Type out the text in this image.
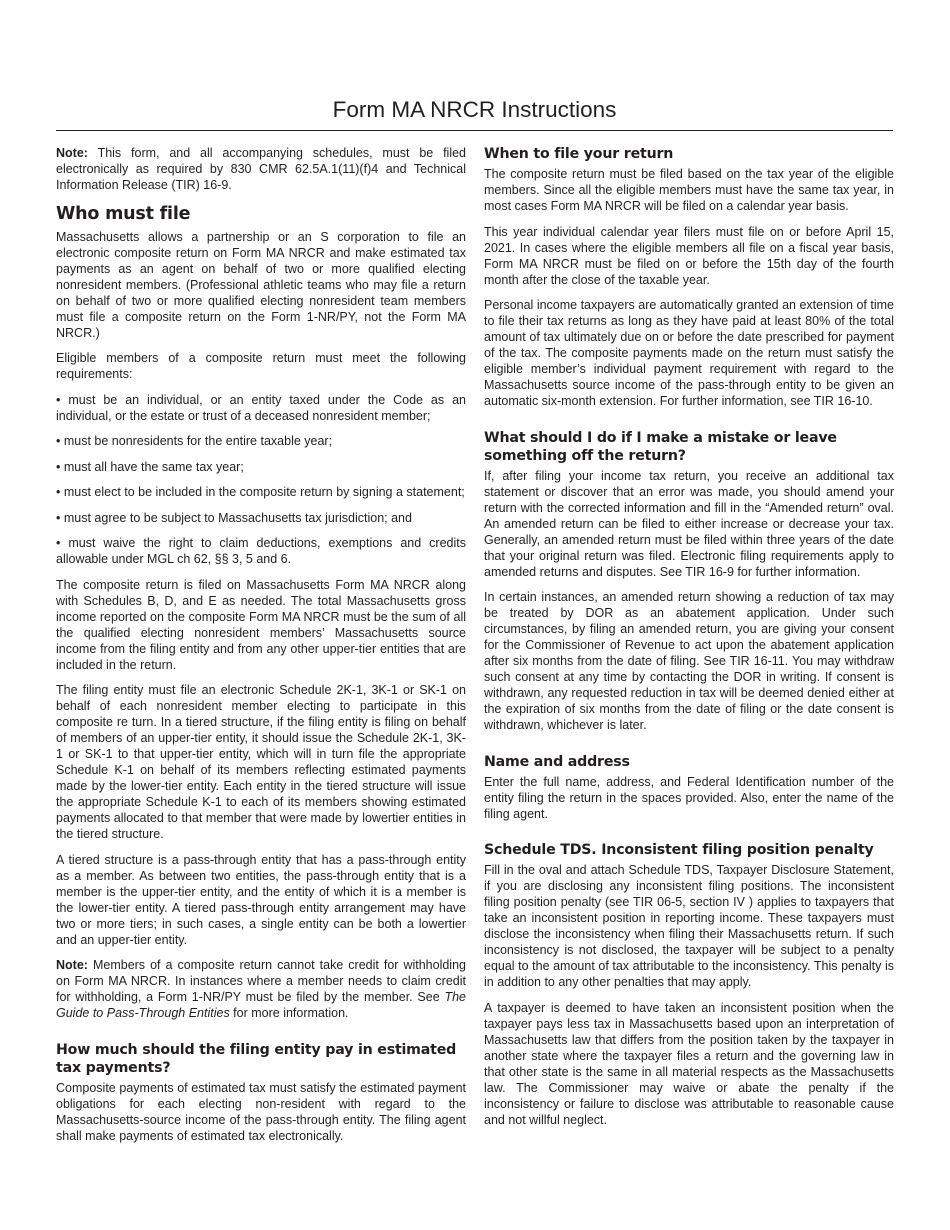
Form MA NRCR Instructions

Note: This form, and all accompanying schedules, must be filed electronically as required by 830 CMR 62.5A.1(11)(f)4 and Technical Information Release (TIR) 16-9.

Who must file

Massachusetts allows a partnership or an S corporation to file an electronic composite return on Form MA NRCR and make estimated tax payments as an agent on behalf of two or more qualified electing nonresident members. (Professional athletic teams who may file a return on behalf of two or more qualified electing nonresident team members must file a composite return on the Form 1-NR/PY, not the Form MA NRCR.)

Eligible members of a composite return must meet the following requirements:

• must be an individual, or an entity taxed under the Code as an individual, or the estate or trust of a deceased nonresident member;

• must be nonresidents for the entire taxable year;

• must all have the same tax year;

• must elect to be included in the composite return by signing a statement;

• must agree to be subject to Massachusetts tax jurisdiction; and

• must waive the right to claim deductions, exemptions and credits allowable under MGL ch 62, §§ 3, 5 and 6.

The composite return is filed on Massachusetts Form MA NRCR along with Schedules B, D, and E as needed. The total Massachusetts gross income reported on the composite Form MA NRCR must be the sum of all the qualified electing nonresident members’ Massachusetts source income from the filing entity and from any other upper-tier entities that are included in the return.

The filing entity must file an electronic Schedule 2K-1, 3K-1 or SK-1 on behalf of each nonresident member electing to participate in this composite re turn. In a tiered structure, if the filing entity is filing on behalf of members of an upper-tier entity, it should issue the Schedule 2K-1, 3K-1 or SK-1 to that upper-tier entity, which will in turn file the appropriate Schedule K-1 on behalf of its members reflecting estimated payments made by the lower-tier entity. Each entity in the tiered structure will issue the appropriate Schedule K-1 to each of its members showing estimated payments allocated to that member that were made by lowertier entities in the tiered structure.

A tiered structure is a pass-through entity that has a pass-through entity as a member. As between two entities, the pass-through entity that is a member is the upper-tier entity, and the entity of which it is a member is the lower-tier entity. A tiered pass-through entity arrangement may have two or more tiers; in such cases, a single entity can be both a lowertier and an upper-tier entity.

Note: Members of a composite return cannot take credit for withholding on Form MA NRCR. In instances where a member needs to claim credit for withholding, a Form 1-NR/PY must be filed by the member. See The Guide to Pass-Through Entities for more information.

How much should the filing entity pay in estimated tax payments?

Composite payments of estimated tax must satisfy the estimated payment obligations for each electing non-resident with regard to the Massachusetts-source income of the pass-through entity. The filing agent shall make payments of estimated tax electronically.

When to file your return

The composite return must be filed based on the tax year of the eligible members. Since all the eligible members must have the same tax year, in most cases Form MA NRCR will be filed on a calendar year basis.

This year individual calendar year filers must file on or before April 15, 2021. In cases where the eligible members all file on a fiscal year basis, Form MA NRCR must be filed on or before the 15th day of the fourth month after the close of the taxable year.

Personal income taxpayers are automatically granted an extension of time to file their tax returns as long as they have paid at least 80% of the total amount of tax ultimately due on or before the date prescribed for payment of the tax. The composite payments made on the return must satisfy the eligible member’s individual payment requirement with regard to the Massachusetts source income of the pass-through entity to be given an automatic six-month extension. For further information, see TIR 16-10.

What should I do if I make a mistake or leave something off the return?

If, after filing your income tax return, you receive an additional tax statement or discover that an error was made, you should amend your return with the corrected information and fill in the “Amended return” oval. An amended return can be filed to either increase or decrease your tax. Generally, an amended return must be filed within three years of the date that your original return was filed. Electronic filing requirements apply to amended returns and disputes. See TIR 16-9 for further information.

In certain instances, an amended return showing a reduction of tax may be treated by DOR as an abatement application. Under such circumstances, by filing an amended return, you are giving your consent for the Commissioner of Revenue to act upon the abatement application after six months from the date of filing. See TIR 16-11. You may withdraw such consent at any time by contacting the DOR in writing. If consent is withdrawn, any requested reduction in tax will be deemed denied either at the expiration of six months from the date of filing or the date consent is withdrawn, whichever is later.

Name and address

Enter the full name, address, and Federal Identification number of the entity filing the return in the spaces provided. Also, enter the name of the filing agent.

Schedule TDS. Inconsistent filing position penalty

Fill in the oval and attach Schedule TDS, Taxpayer Disclosure Statement, if you are disclosing any inconsistent filing positions. The inconsistent filing position penalty (see TIR 06-5, section IV ) applies to taxpayers that take an inconsistent position in reporting income. These taxpayers must disclose the inconsistency when filing their Massachusetts return. If such inconsistency is not disclosed, the taxpayer will be subject to a penalty equal to the amount of tax attributable to the inconsistency. This penalty is in addition to any other penalties that may apply.

A taxpayer is deemed to have taken an inconsistent position when the taxpayer pays less tax in Massachusetts based upon an interpretation of Massachusetts law that differs from the position taken by the taxpayer in another state where the taxpayer files a return and the governing law in that other state is the same in all material respects as the Massachusetts law. The Commissioner may waive or abate the penalty if the inconsistency or failure to disclose was attributable to reasonable cause and not willful neglect.
